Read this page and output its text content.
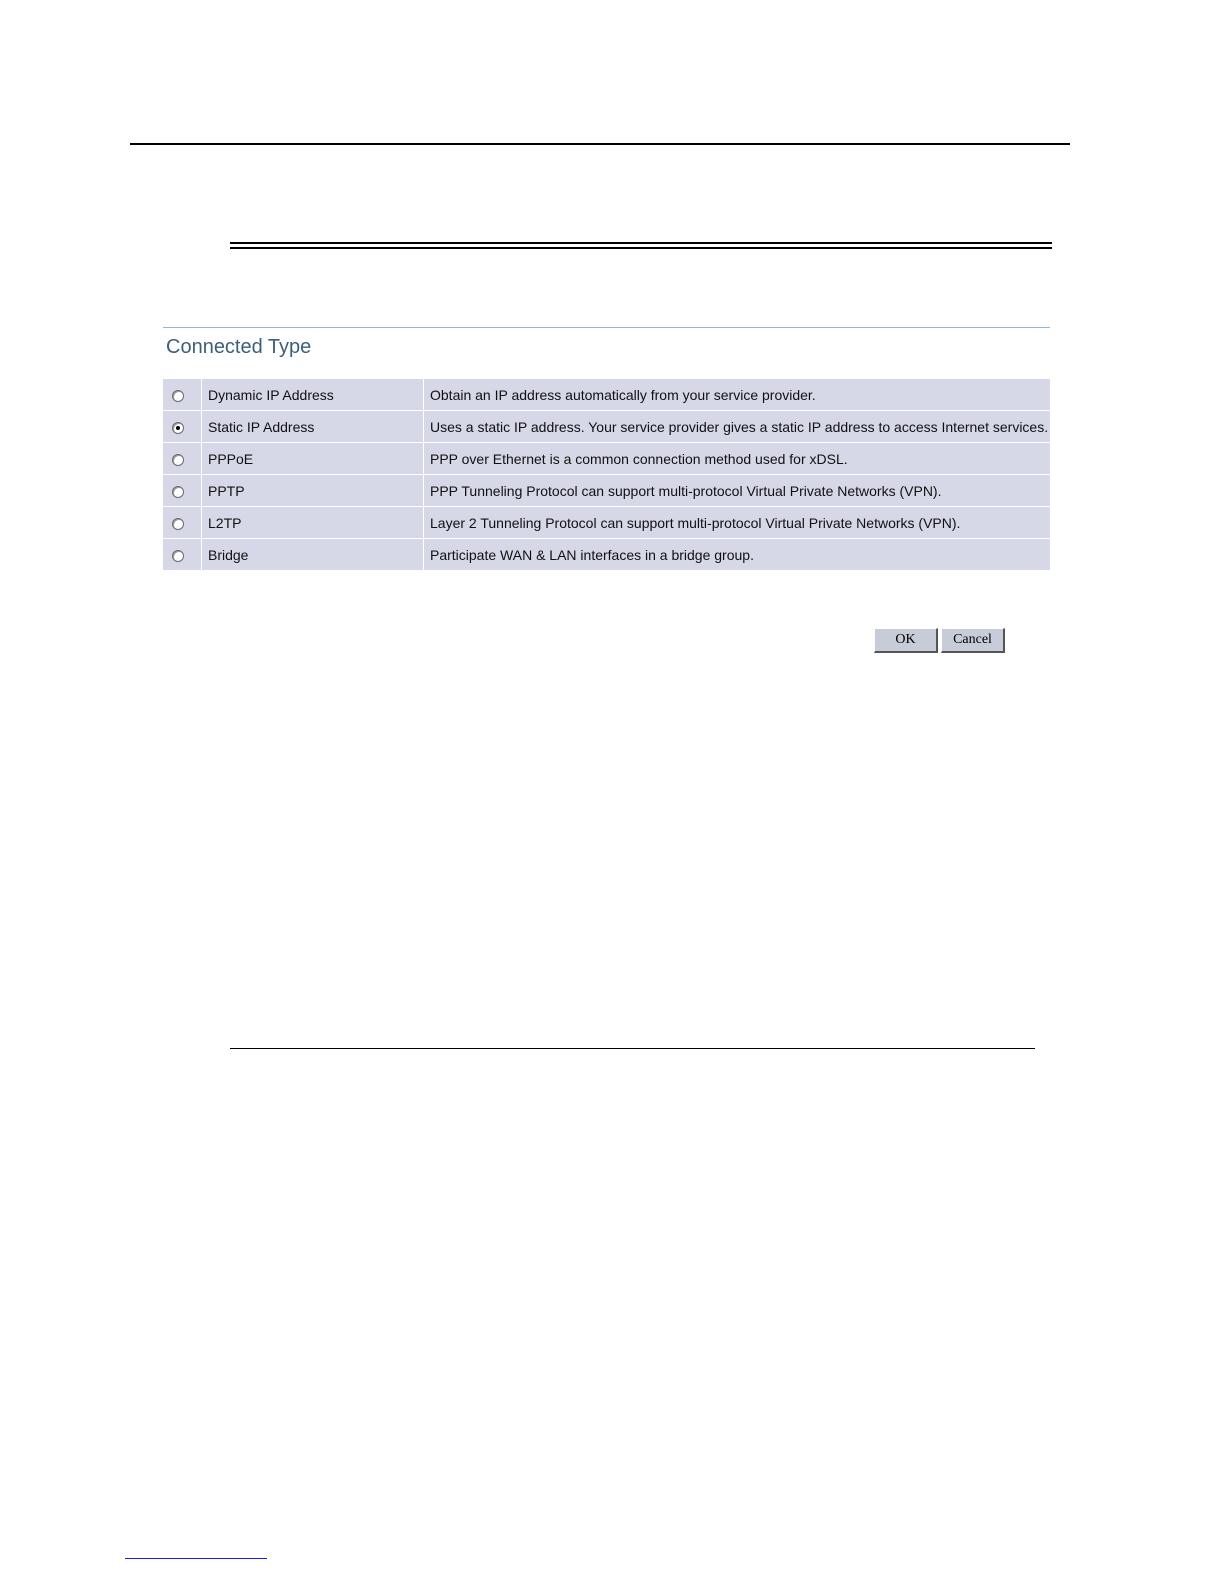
Connected Type
	Dynamic IP Address	Obtain an IP address automatically from your service provider.
	Static IP Address	Uses a static IP address. Your service provider gives a static IP address to access Internet services.
	PPPoE	PPP over Ethernet is a common connection method used for xDSL.
	PPTP	PPP Tunneling Protocol can support multi-protocol Virtual Private Networks (VPN).
	L2TP	Layer 2 Tunneling Protocol can support multi-protocol Virtual Private Networks (VPN).
	Bridge	Participate WAN & LAN interfaces in a bridge group.
OK	Cancel
